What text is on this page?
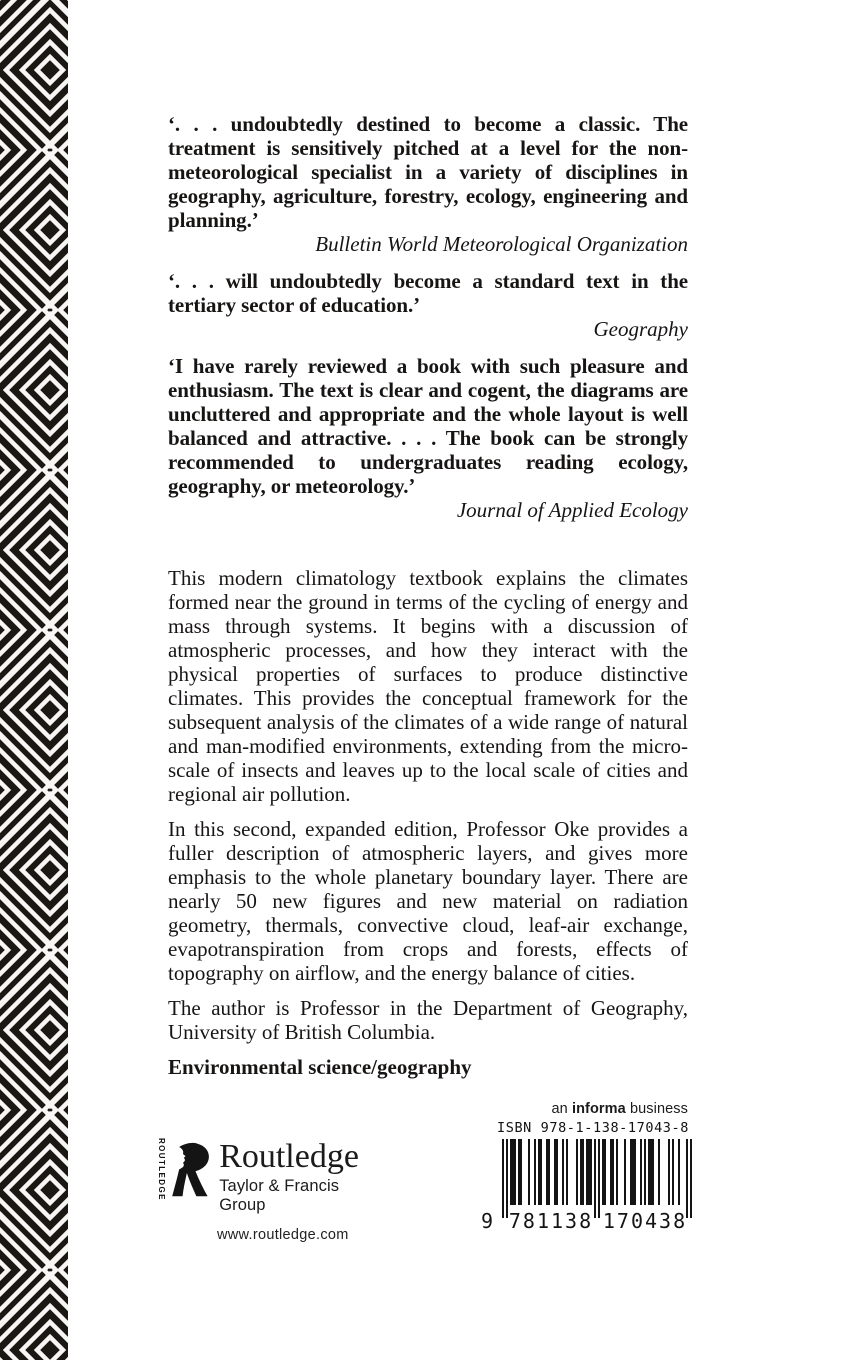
‘. . . undoubtedly destined to become a classic. The treatment is sensitively pitched at a level for the non-meteorological specialist in a variety of disciplines in geography, agriculture, forestry, ecology, engineering and planning.’

Bulletin World Meteorological Organization

‘. . . will undoubtedly become a standard text in the tertiary sector of education.’

Geography

‘I have rarely reviewed a book with such pleasure and enthusiasm. The text is clear and cogent, the diagrams are uncluttered and appropriate and the whole layout is well balanced and attractive. . . . The book can be strongly recommended to undergraduates reading ecology, geography, or meteorology.’

Journal of Applied Ecology

This modern climatology textbook explains the climates formed near the ground in terms of the cycling of energy and mass through systems. It begins with a discussion of atmospheric processes, and how they interact with the physical properties of surfaces to produce distinctive climates. This provides the conceptual framework for the subsequent analysis of the climates of a wide range of natural and man-modified environments, extending from the micro-scale of insects and leaves up to the local scale of cities and regional air pollution.

In this second, expanded edition, Professor Oke provides a fuller description of atmospheric layers, and gives more emphasis to the whole planetary boundary layer. There are nearly 50 new figures and new material on radiation geometry, thermals, convective cloud, leaf-air exchange, evapotranspiration from crops and forests, effects of topography on airflow, and the energy balance of cities.

The author is Professor in the Department of Geography, University of British Columbia.

Environmental science/geography

an informa business
ISBN 978-1-138-17043-8
9 781138 170438
ROUTLEDGE Routledge
Taylor & Francis Group
www.routledge.com
